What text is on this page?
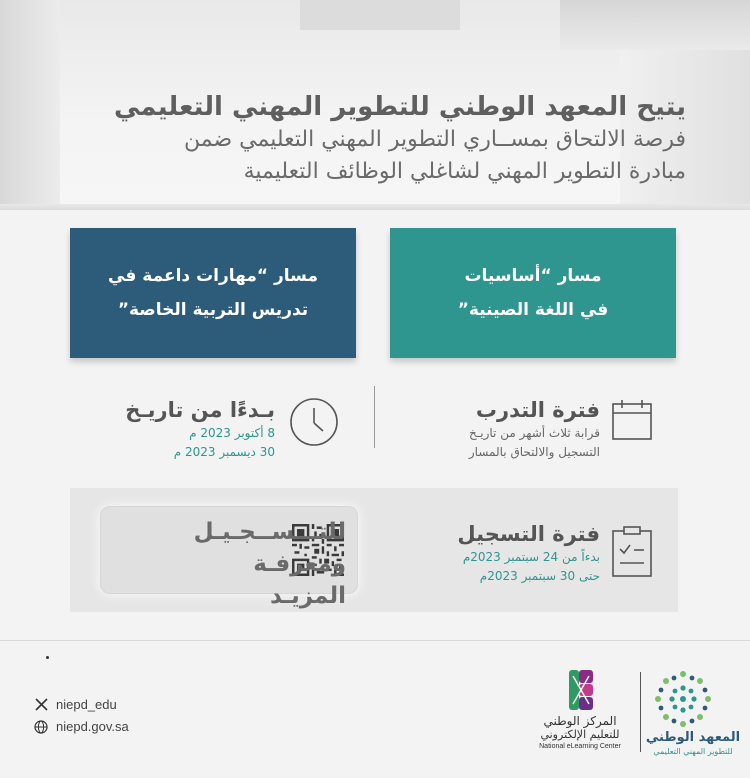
يتيح المعهد الوطني للتطوير المهني التعليمي
فرصة الالتحاق بمســاري التطوير المهني التعليمي ضمن
مبادرة التطوير المهني لشاغلي الوظائف التعليمية
مسار “أساسيات
في اللغة الصينية”
مسار “مهارات داعمة في
تدريس التربية الخاصة”
فترة التدرب
قرابة ثلاث أشهر من تاريـخ
التسجيل والالتحاق بالمسار
بـدءًا من تاريـخ
8 أكتوبر 2023 م
30 ديسمبر 2023 م
فترة التسجيل
بدءاً من 24 سبتمبر 2023م
حتى 30 سبتمبر 2023م
للتـــســجـيـل
ومعرفـة المزيـد
niepd_edu
niepd.gov.sa	المركز الوطني
للتعليم الإلكتروني
National eLearning Center
المعهد الوطني
للتطوير المهني التعليمي
